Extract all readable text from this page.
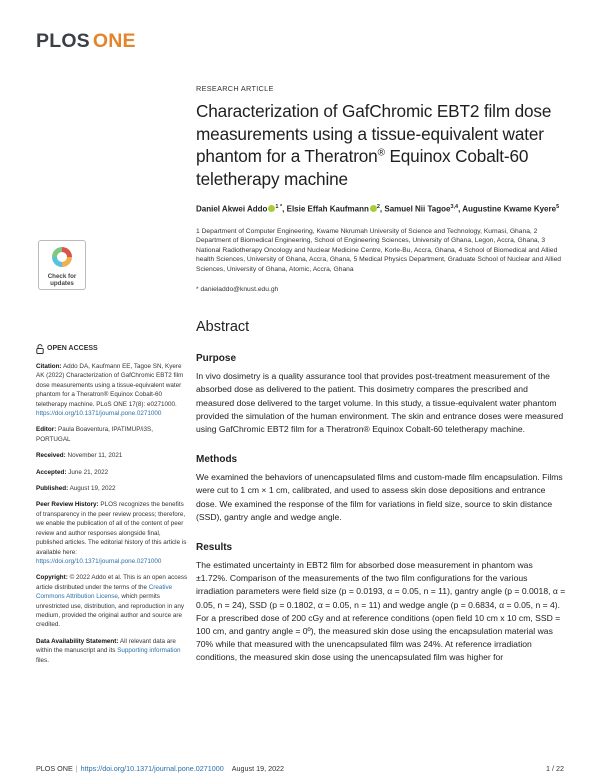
PLOS ONE
Check for
updates
OPEN ACCESS
Citation: Addo DA, Kaufmann EE, Tagoe SN, Kyere AK (2022) Characterization of GafChromic EBT2 film dose measurements using a tissue-equivalent water phantom for a Theratron® Equinox Cobalt-60 teletherapy machine. PLoS ONE 17(8): e0271000. https://doi.org/10.1371/journal.pone.0271000
Editor: Paula Boaventura, IPATIMUP/i3S, PORTUGAL
Received: November 11, 2021
Accepted: June 21, 2022
Published: August 19, 2022
Peer Review History: PLOS recognizes the benefits of transparency in the peer review process; therefore, we enable the publication of all of the content of peer review and author responses alongside final, published articles. The editorial history of this article is available here: https://doi.org/10.1371/journal.pone.0271000
Copyright: © 2022 Addo et al. This is an open access article distributed under the terms of the Creative Commons Attribution License, which permits unrestricted use, distribution, and reproduction in any medium, provided the original author and source are credited.
Data Availability Statement: All relevant data are within the manuscript and its Supporting information files.
RESEARCH ARTICLE
Characterization of GafChromic EBT2 film dose measurements using a tissue-equivalent water phantom for a Theratron® Equinox Cobalt-60 teletherapy machine
Daniel Akwei Addo $^{1 *}$, Elsie Effah Kaufmann $^2$, Samuel Nii Tagoe$^{3,4}$, Augustine Kwame Kyere$^5$
1 Department of Computer Engineering, Kwame Nkrumah University of Science and Technology, Kumasi, Ghana, 2 Department of Biomedical Engineering, School of Engineering Sciences, University of Ghana, Legon, Accra, Ghana, 3 National Radiotherapy Oncology and Nuclear Medicine Centre, Korle-Bu, Accra, Ghana, 4 School of Biomedical and Allied health Sciences, University of Ghana, Accra, Ghana, 5 Medical Physics Department, Graduate School of Nuclear and Allied Sciences, University of Ghana, Atomic, Accra, Ghana
* danieladdo@knust.edu.gh
Abstract
Purpose

In vivo dosimetry is a quality assurance tool that provides post-treatment measurement of the absorbed dose as delivered to the patient. This dosimetry compares the prescribed and measured dose delivered to the target volume. In this study, a tissue-equivalent water phantom provided the simulation of the human environment. The skin and entrance doses were measured using GafChromic EBT2 film for a Theratron® Equinox Cobalt-60 teletherapy machine.

Methods

We examined the behaviors of unencapsulated films and custom-made film encapsulation. Films were cut to 1 cm × 1 cm, calibrated, and used to assess skin dose depositions and entrance dose. We examined the response of the film for variations in field size, source to skin distance (SSD), gantry angle and wedge angle.

Results

The estimated uncertainty in EBT2 film for absorbed dose measurement in phantom was ±1.72%. Comparison of the measurements of the two film configurations for the various irradiation parameters were field size (p = 0.0193, α = 0.05, n = 11), gantry angle (p = 0.0018, α = 0.05, n = 24), SSD (p = 0.1802, α = 0.05, n = 11) and wedge angle (p = 0.6834, α = 0.05, n = 4). For a prescribed dose of 200 cGy and at reference conditions (open field 10 cm x 10 cm, SSD = 100 cm, and gantry angle = 0º), the measured skin dose using the encapsulation material was 70% while that measured with the unencapsulated film was 24%. At reference irradiation conditions, the measured skin dose using the unencapsulated film was higher for

PLOS ONE | https://doi.org/10.1371/journal.pone.0271000 August 19, 2022	1 / 22
